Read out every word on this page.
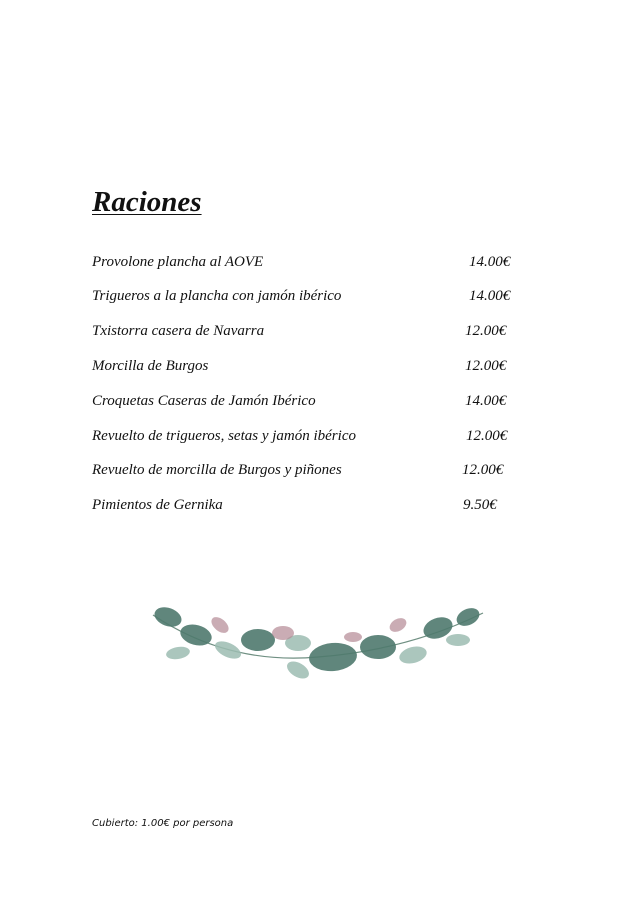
Raciones
Provolone plancha al AOVE	14.00€
Trigueros a la plancha con jamón ibérico	14.00€
Txistorra casera de Navarra	12.00€
Morcilla de Burgos	12.00€
Croquetas Caseras de Jamón Ibérico	14.00€
Revuelto de trigueros, setas y jamón ibérico	12.00€
Revuelto de morcilla de Burgos y piñones	12.00€
Pimientos de Gernika	9.50€
Cubierto: 1.00€ por persona
